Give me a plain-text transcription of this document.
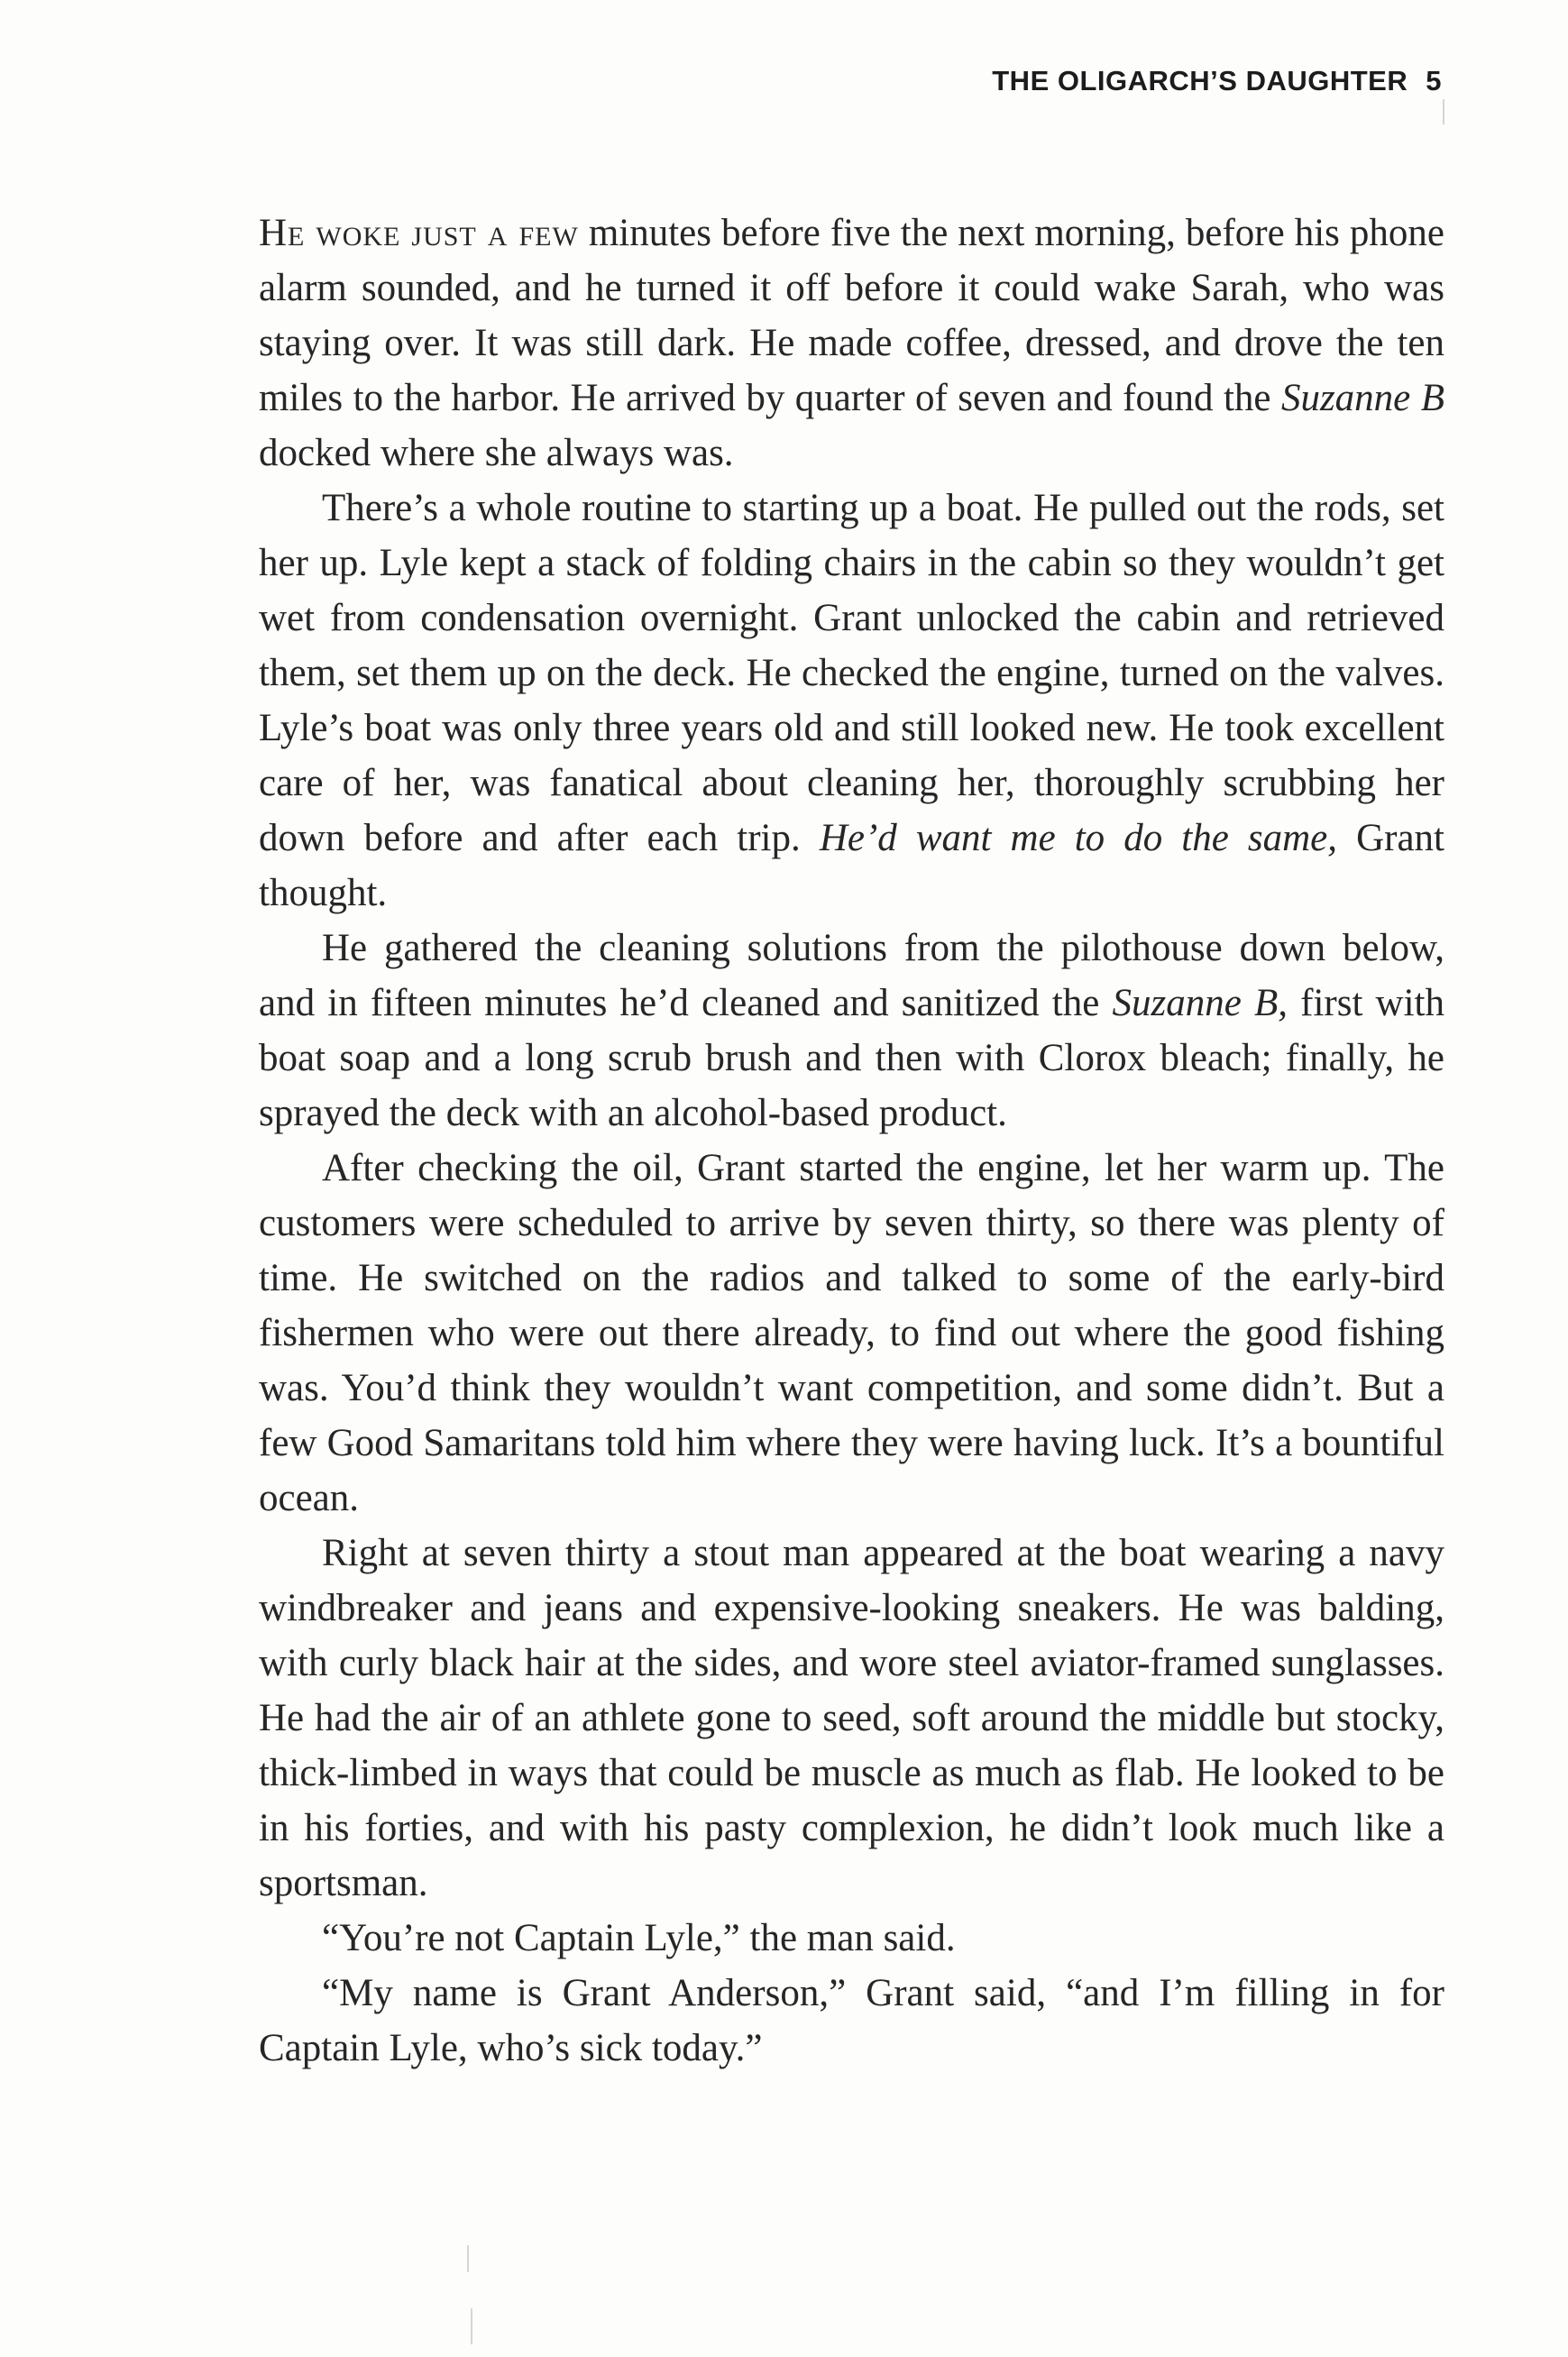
THE OLIGARCH’S DAUGHTER 5

He woke just a few minutes before five the next morning, before his phone alarm sounded, and he turned it off before it could wake Sarah, who was staying over. It was still dark. He made coffee, dressed, and drove the ten miles to the harbor. He arrived by quarter of seven and found the Suzanne B docked where she always was.

There’s a whole routine to starting up a boat. He pulled out the rods, set her up. Lyle kept a stack of folding chairs in the cabin so they wouldn’t get wet from condensation overnight. Grant unlocked the cabin and retrieved them, set them up on the deck. He checked the engine, turned on the valves. Lyle’s boat was only three years old and still looked new. He took excellent care of her, was fanatical about cleaning her, thoroughly scrubbing her down before and after each trip. He’d want me to do the same, Grant thought.

He gathered the cleaning solutions from the pilothouse down below, and in fifteen minutes he’d cleaned and sanitized the Suzanne B, first with boat soap and a long scrub brush and then with Clorox bleach; finally, he sprayed the deck with an alcohol-based product.

After checking the oil, Grant started the engine, let her warm up. The customers were scheduled to arrive by seven thirty, so there was plenty of time. He switched on the radios and talked to some of the early-bird fishermen who were out there already, to find out where the good fishing was. You’d think they wouldn’t want competition, and some didn’t. But a few Good Samaritans told him where they were having luck. It’s a bountiful ocean.

Right at seven thirty a stout man appeared at the boat wearing a navy windbreaker and jeans and expensive-looking sneakers. He was balding, with curly black hair at the sides, and wore steel aviator-framed sunglasses. He had the air of an athlete gone to seed, soft around the middle but stocky, thick-limbed in ways that could be muscle as much as flab. He looked to be in his forties, and with his pasty complexion, he didn’t look much like a sportsman.

“You’re not Captain Lyle,” the man said.

“My name is Grant Anderson,” Grant said, “and I’m filling in for Captain Lyle, who’s sick today.”
